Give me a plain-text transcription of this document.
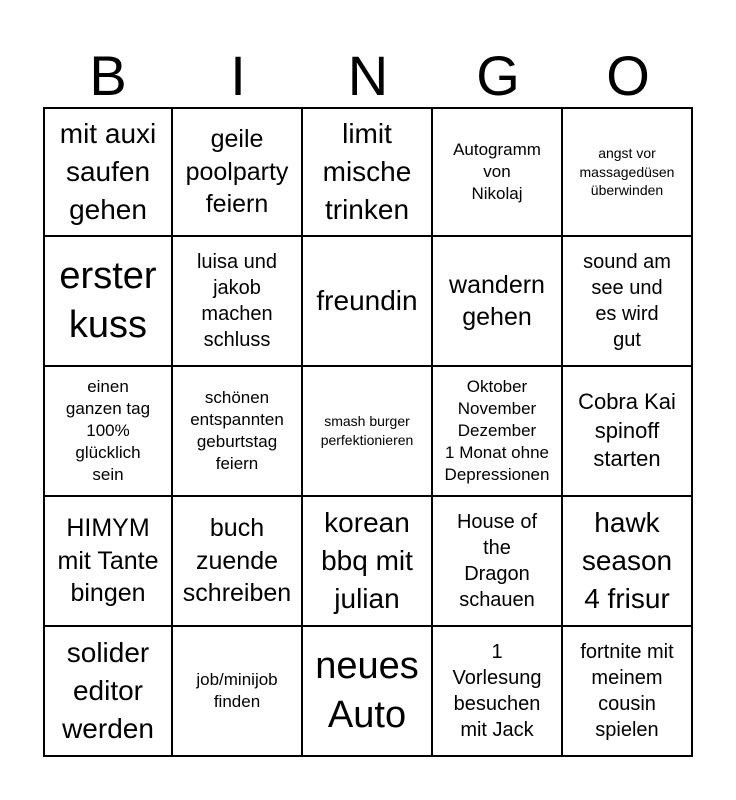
B	I	N	G	O
mit auxi
saufen
gehen
geile
poolparty
feiern
limit
mische
trinken
Autogramm
von
Nikolaj
angst vor
massagedüsen
überwinden
erster
kuss
luisa und
jakob
machen
schluss
freundin
wandern
gehen
sound am
see und
es wird
gut
einen
ganzen tag
100%
glücklich
sein
schönen
entspannten
geburtstag
feiern
smash burger
perfektionieren
Oktober
November
Dezember
1 Monat ohne
Depressionen
Cobra Kai
spinoff
starten
HIMYM
mit Tante
bingen
buch
zuende
schreiben
korean
bbq mit
julian
House of
the
Dragon
schauen
hawk
season
4 frisur
solider
editor
werden
job/minijob
finden
neues
Auto
1
Vorlesung
besuchen
mit Jack
fortnite mit
meinem
cousin
spielen
